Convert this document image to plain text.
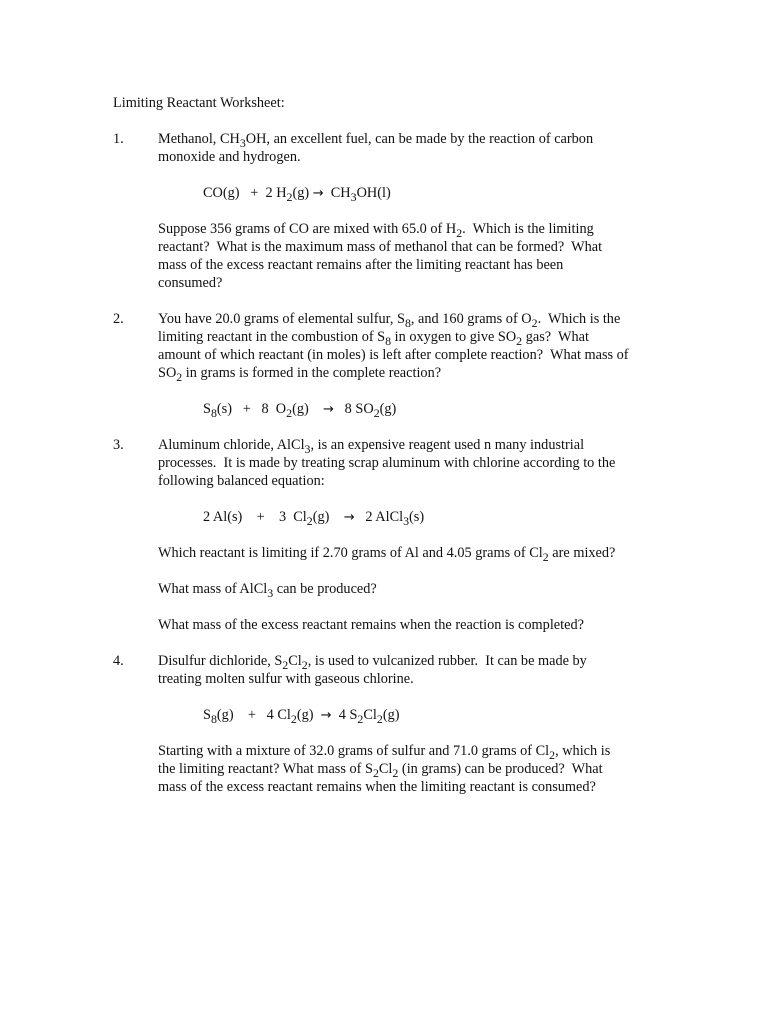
Limiting Reactant Worksheet:
1. Methanol, $CH_3OH$, an excellent fuel, can be made by the reaction of carbon
monoxide and hydrogen.
CO(g)   +  2 $H_2(g) \to CH_3OH(l)$
Suppose 356 grams of CO are mixed with 65.0 of $H_2$.  Which is the limiting
reactant?  What is the maximum mass of methanol that can be formed?  What
mass of the excess reactant remains after the limiting reactant has been
consumed?
2. You have 20.0 grams of elemental sulfur, $S_8$, and 160 grams of $O_2$.  Which is the
limiting reactant in the combustion of $S_8$ in oxygen to give $SO_2$ gas?  What
amount of which reactant (in moles) is left after complete reaction?  What mass of
$SO_2$ in grams is formed in the complete reaction?
$S_8(s) + 8$  $O_2(g)$    →   8 $SO_2(g)$
3. Aluminum chloride, AlCl$_3$, is an expensive reagent used n many industrial
processes.  It is made by treating scrap aluminum with chlorine according to the
following balanced equation:
2 Al(s)    +    3  $Cl_2(g)$    →   2 AlCl$_3$(s)
Which reactant is limiting if 2.70 grams of Al and 4.05 grams of $Cl_2$ are mixed?
What mass of AlCl$_3$ can be produced?
What mass of the excess reactant remains when the reaction is completed?
4. Disulfur dichloride, $S_2Cl_2$, is used to vulcanized rubber.  It can be made by
treating molten sulfur with gaseous chlorine.
$S_8(g)$    +   4 $Cl_2(g) \to 4$ $S_2Cl_2(g)$
Starting with a mixture of 32.0 grams of sulfur and 71.0 grams of $Cl_2$, which is
the limiting reactant? What mass of $S_2Cl_2$ (in grams) can be produced?  What
mass of the excess reactant remains when the limiting reactant is consumed?
